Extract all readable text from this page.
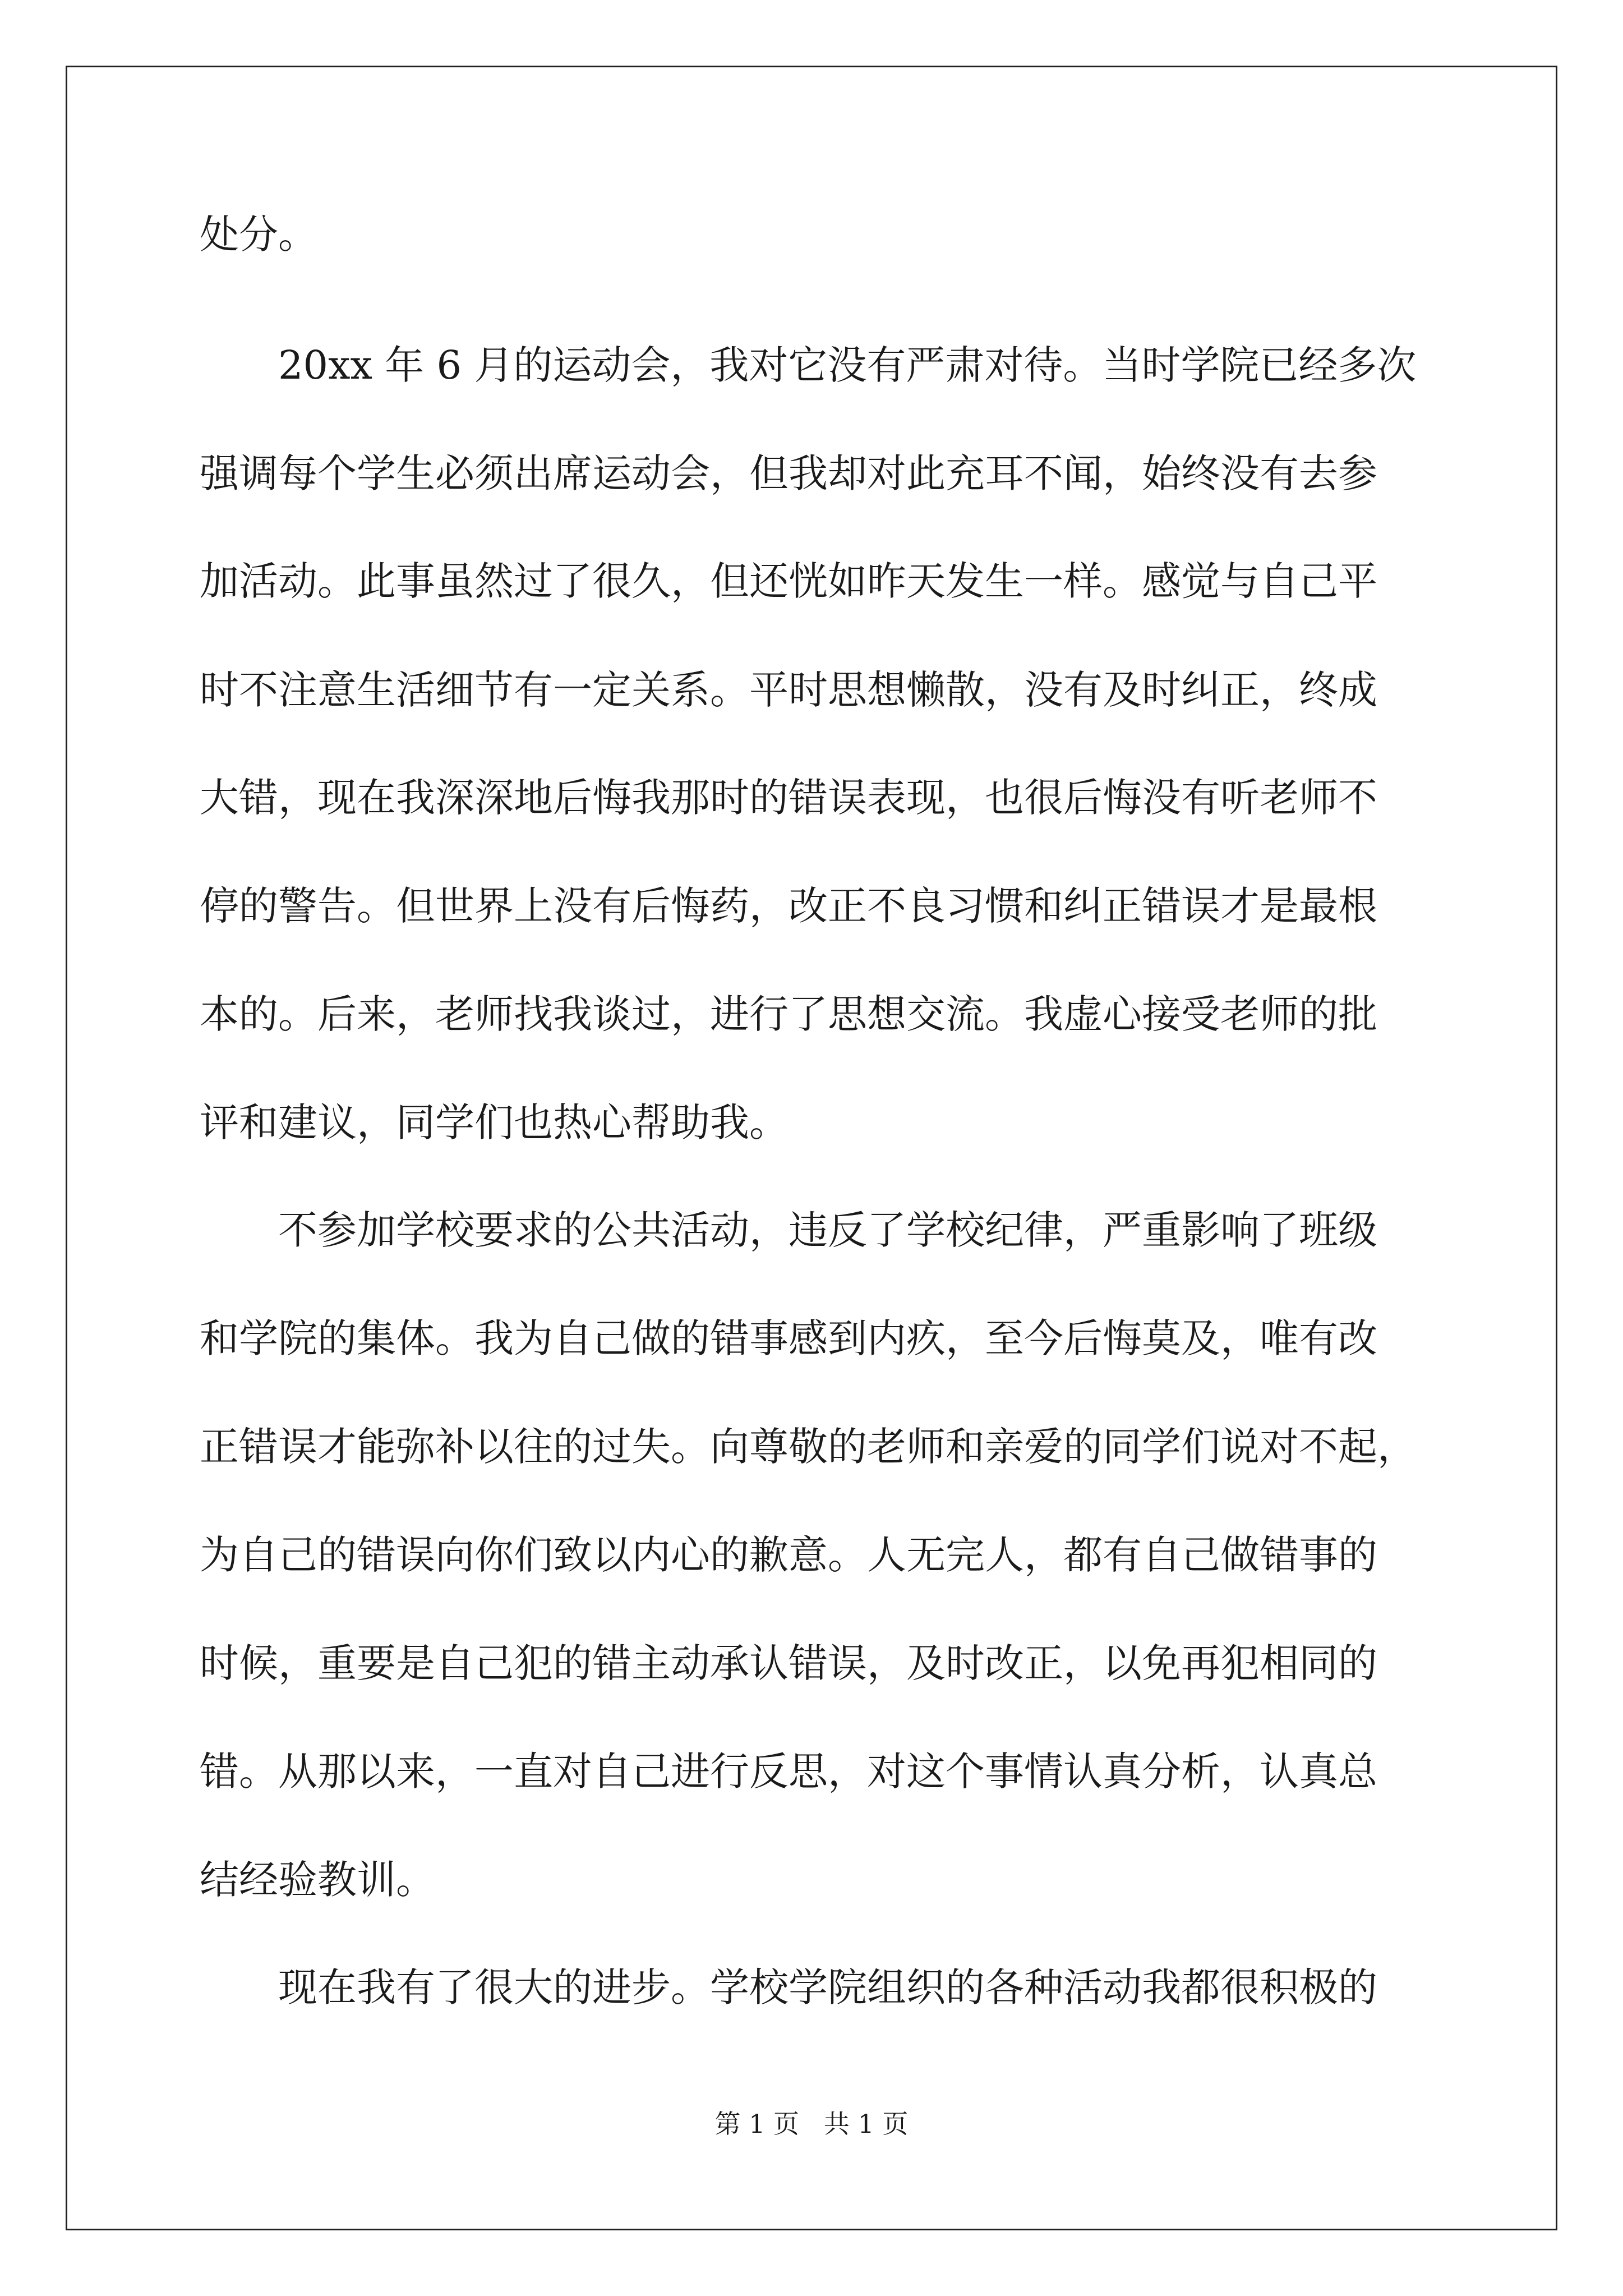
处分。
20xx 年 6 月的运动会，我对它没有严肃对待。当时学院已经多次
强调每个学生必须出席运动会，但我却对此充耳不闻，始终没有去参
加活动。此事虽然过了很久，但还恍如昨天发生一样。感觉与自己平
时不注意生活细节有一定关系。平时思想懒散，没有及时纠正，终成
大错，现在我深深地后悔我那时的错误表现，也很后悔没有听老师不
停的警告。但世界上没有后悔药，改正不良习惯和纠正错误才是最根
本的。后来，老师找我谈过，进行了思想交流。我虚心接受老师的批
评和建议，同学们也热心帮助我。
不参加学校要求的公共活动，违反了学校纪律，严重影响了班级
和学院的集体。我为自己做的错事感到内疚，至今后悔莫及，唯有改
正错误才能弥补以往的过失。向尊敬的老师和亲爱的同学们说对不起，
为自己的错误向你们致以内心的歉意。人无完人，都有自己做错事的
时候，重要是自己犯的错主动承认错误，及时改正，以免再犯相同的
错。从那以来，一直对自己进行反思，对这个事情认真分析，认真总
结经验教训。
现在我有了很大的进步。学校学院组织的各种活动我都很积极的
第 1 页   共 1 页
